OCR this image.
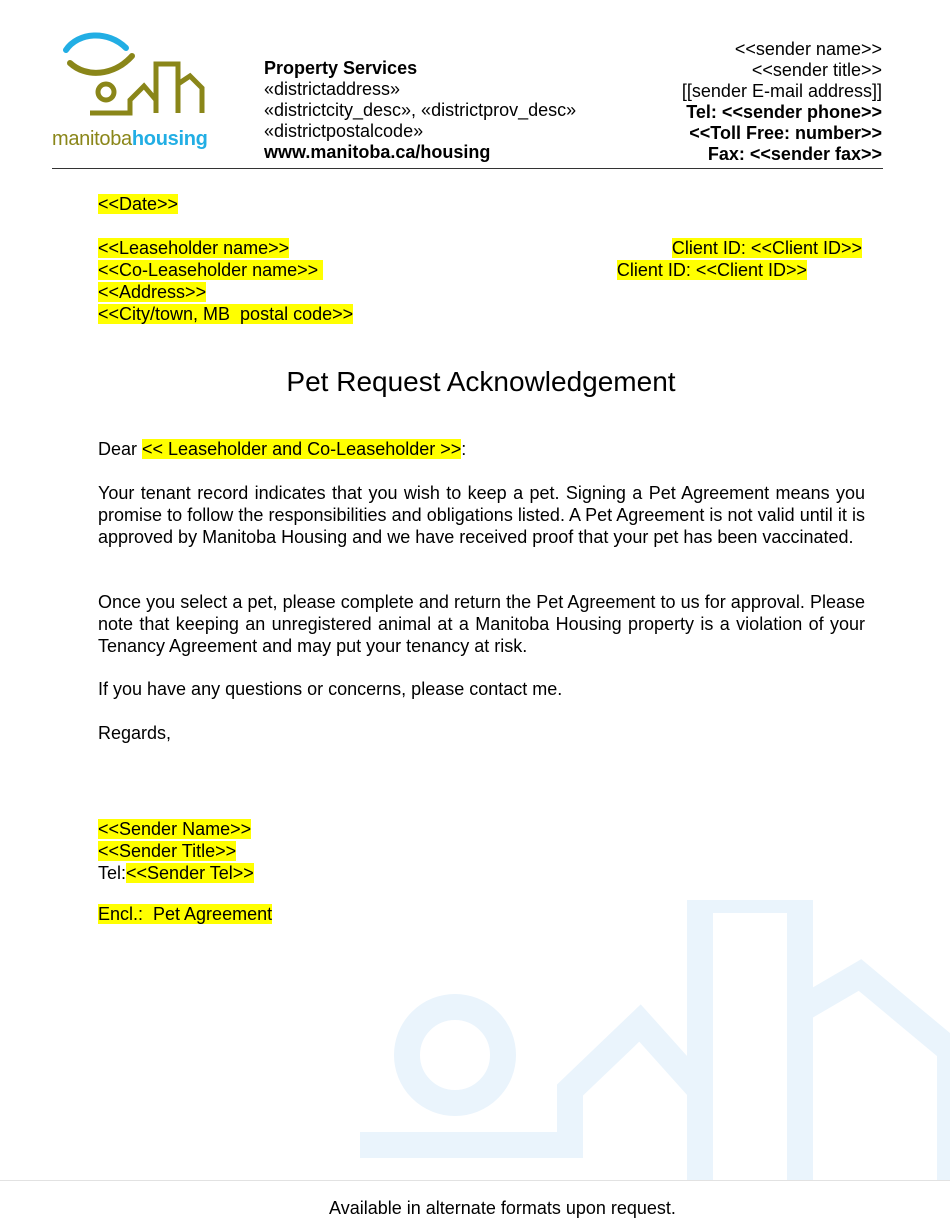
manitobahousing
Property Services
«districtaddress»
«districtcity_desc», «districtprov_desc»
«districtpostalcode»
www.manitoba.ca/housing
<<sender name>>
<<sender title>>
[[sender E-mail address]]
Tel: <<sender phone>>
<<Toll Free: number>>
Fax: <<sender fax>>
<<Date>>
<<Leaseholder name>>
<<Co-Leaseholder name>>
<<Address>>
<<City/town, MB  postal code>>
Client ID: <<Client ID>>
Client ID: <<Client ID>>
Pet Request Acknowledgement
Dear << Leaseholder and Co-Leaseholder >>:
Your tenant record indicates that you wish to keep a pet. Signing a Pet Agreement means you promise to follow the responsibilities and obligations listed. A Pet Agreement is not valid until it is approved by Manitoba Housing and we have received proof that your pet has been vaccinated.
Once you select a pet, please complete and return the Pet Agreement to us for approval. Please note that keeping an unregistered animal at a Manitoba Housing property is a violation of your Tenancy Agreement and may put your tenancy at risk.
If you have any questions or concerns, please contact me.
Regards,
<<Sender Name>>
<<Sender Title>>
Tel:<<Sender Tel>>
Encl.:  Pet Agreement
Available in alternate formats upon request.
